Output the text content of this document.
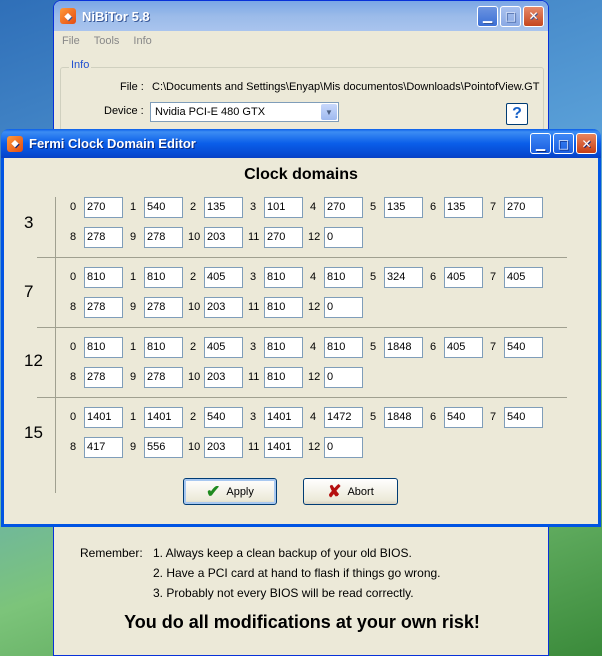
◆ NiBiTor 5.8	▁	□	✕
File Tools Info
Info
File : C:\Documents and Settings\Enyap\Mis documentos\Downloads\PointofView.GT
Device : Nvidia PCI-E 480 GTX	▼	?
Remember: 1. Always keep a clean backup of your old BIOS.
2. Have a PCI card at hand to flash if things go wrong.
3. Probably not every BIOS will be read correctly.
You do all modifications at your own risk!
◆ Fermi Clock Domain Editor	▁	□	✕
Clock domains
3
0 270	1 540	2 135	3 101	4 270	5 135	6 135	7 270
8 278	9 278	10 203	11 270	12 0
7
0 810	1 810	2 405	3 810	4 810	5 324	6 405	7 405
8 278	9 278	10 203	11 810	12 0
12
0 810	1 810	2 405	3 810	4 810	5 1848	6 405	7 540
8 278	9 278	10 203	11 810	12 0
15
0 1401	1 1401	2 540	3 1401	4 1472	5 1848	6 540	7 540
8 417	9 556	10 203	11 1401	12 0
✔ Apply	✘ Abort
